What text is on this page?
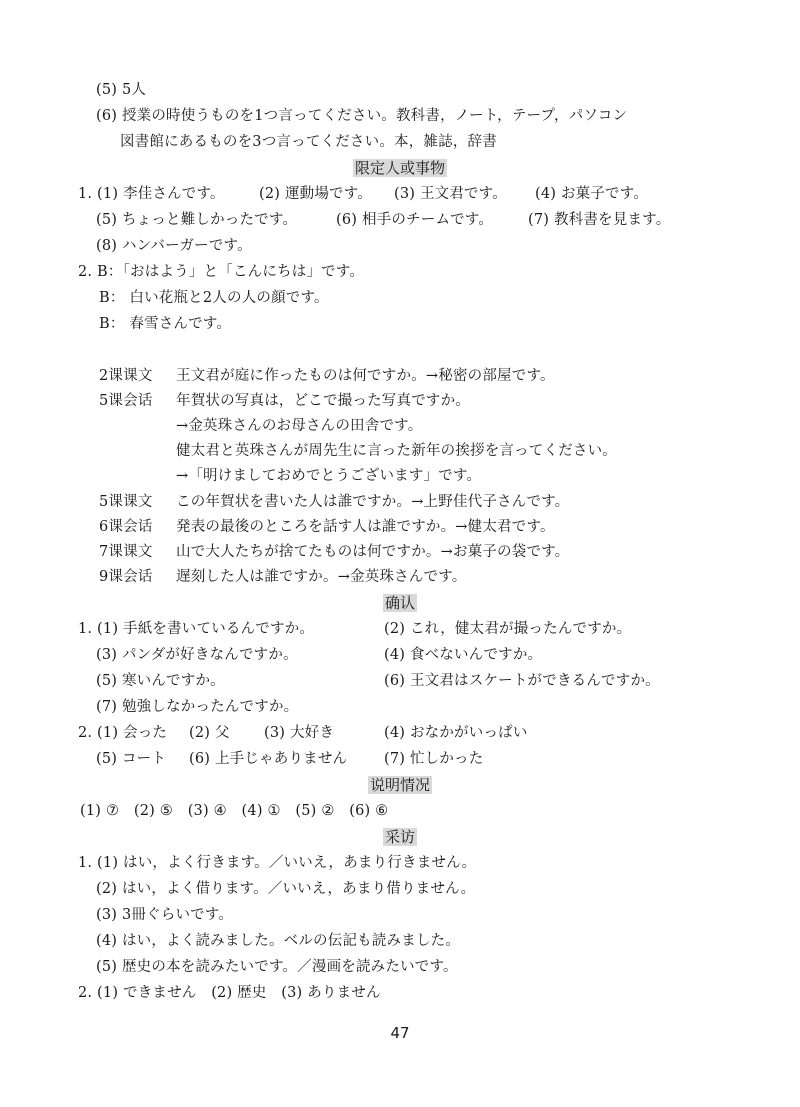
(5) 5人
(6) 授業の時使うものを1つ言ってください。教科書，ノート，テープ，パソコン
図書館にあるものを3つ言ってください。本，雑誌，辞書
限定人或事物
1. (1) 李佳さんです。 (2) 運動場です。 (3) 王文君です。 (4) お菓子です。
(5) ちょっと難しかったです。	(6) 相手のチームです。 (7) 教科書を見ます。
(8) ハンバーガーです。
2. B：「おはよう」と「こんにちは」です。
B： 白い花瓶と2人の人の顔です。
B： 春雪さんです。
2课课文 王文君が庭に作ったものは何ですか。→秘密の部屋です。
5课会话 年賀状の写真は，どこで撮った写真ですか。
→金英珠さんのお母さんの田舎です。
健太君と英珠さんが周先生に言った新年の挨拶を言ってください。
→「明けましておめでとうございます」です。
5课课文 この年賀状を書いた人は誰ですか。→上野佳代子さんです。
6课会话 発表の最後のところを話す人は誰ですか。→健太君です。
7课课文 山で大人たちが捨てたものは何ですか。→お菓子の袋です。
9课会话 遅刻した人は誰ですか。→金英珠さんです。
确认
1. (1) 手紙を書いているんですか。	(2) これ，健太君が撮ったんですか。
(3) パンダが好きなんですか。	(4) 食べないんですか。
(5) 寒いんですか。	(6) 王文君はスケートができるんですか。
(7) 勉強しなかったんですか。
2. (1) 会った (2) 父 (3) 大好き	(4) おなかがいっぱい
(5) コート (6) 上手じゃありません	(7) 忙しかった
说明情况
(1) ⑦　(2) ⑤　(3) ④　(4) ①　(5) ②　(6) ⑥
采访
1. (1) はい，よく行きます。／いいえ，あまり行きません。
(2) はい，よく借ります。／いいえ，あまり借りません。
(3) 3冊ぐらいです。
(4) はい，よく読みました。ベルの伝記も読みました。
(5) 歴史の本を読みたいです。／漫画を読みたいです。
2. (1) できません　(2) 歴史　(3) ありません
47
